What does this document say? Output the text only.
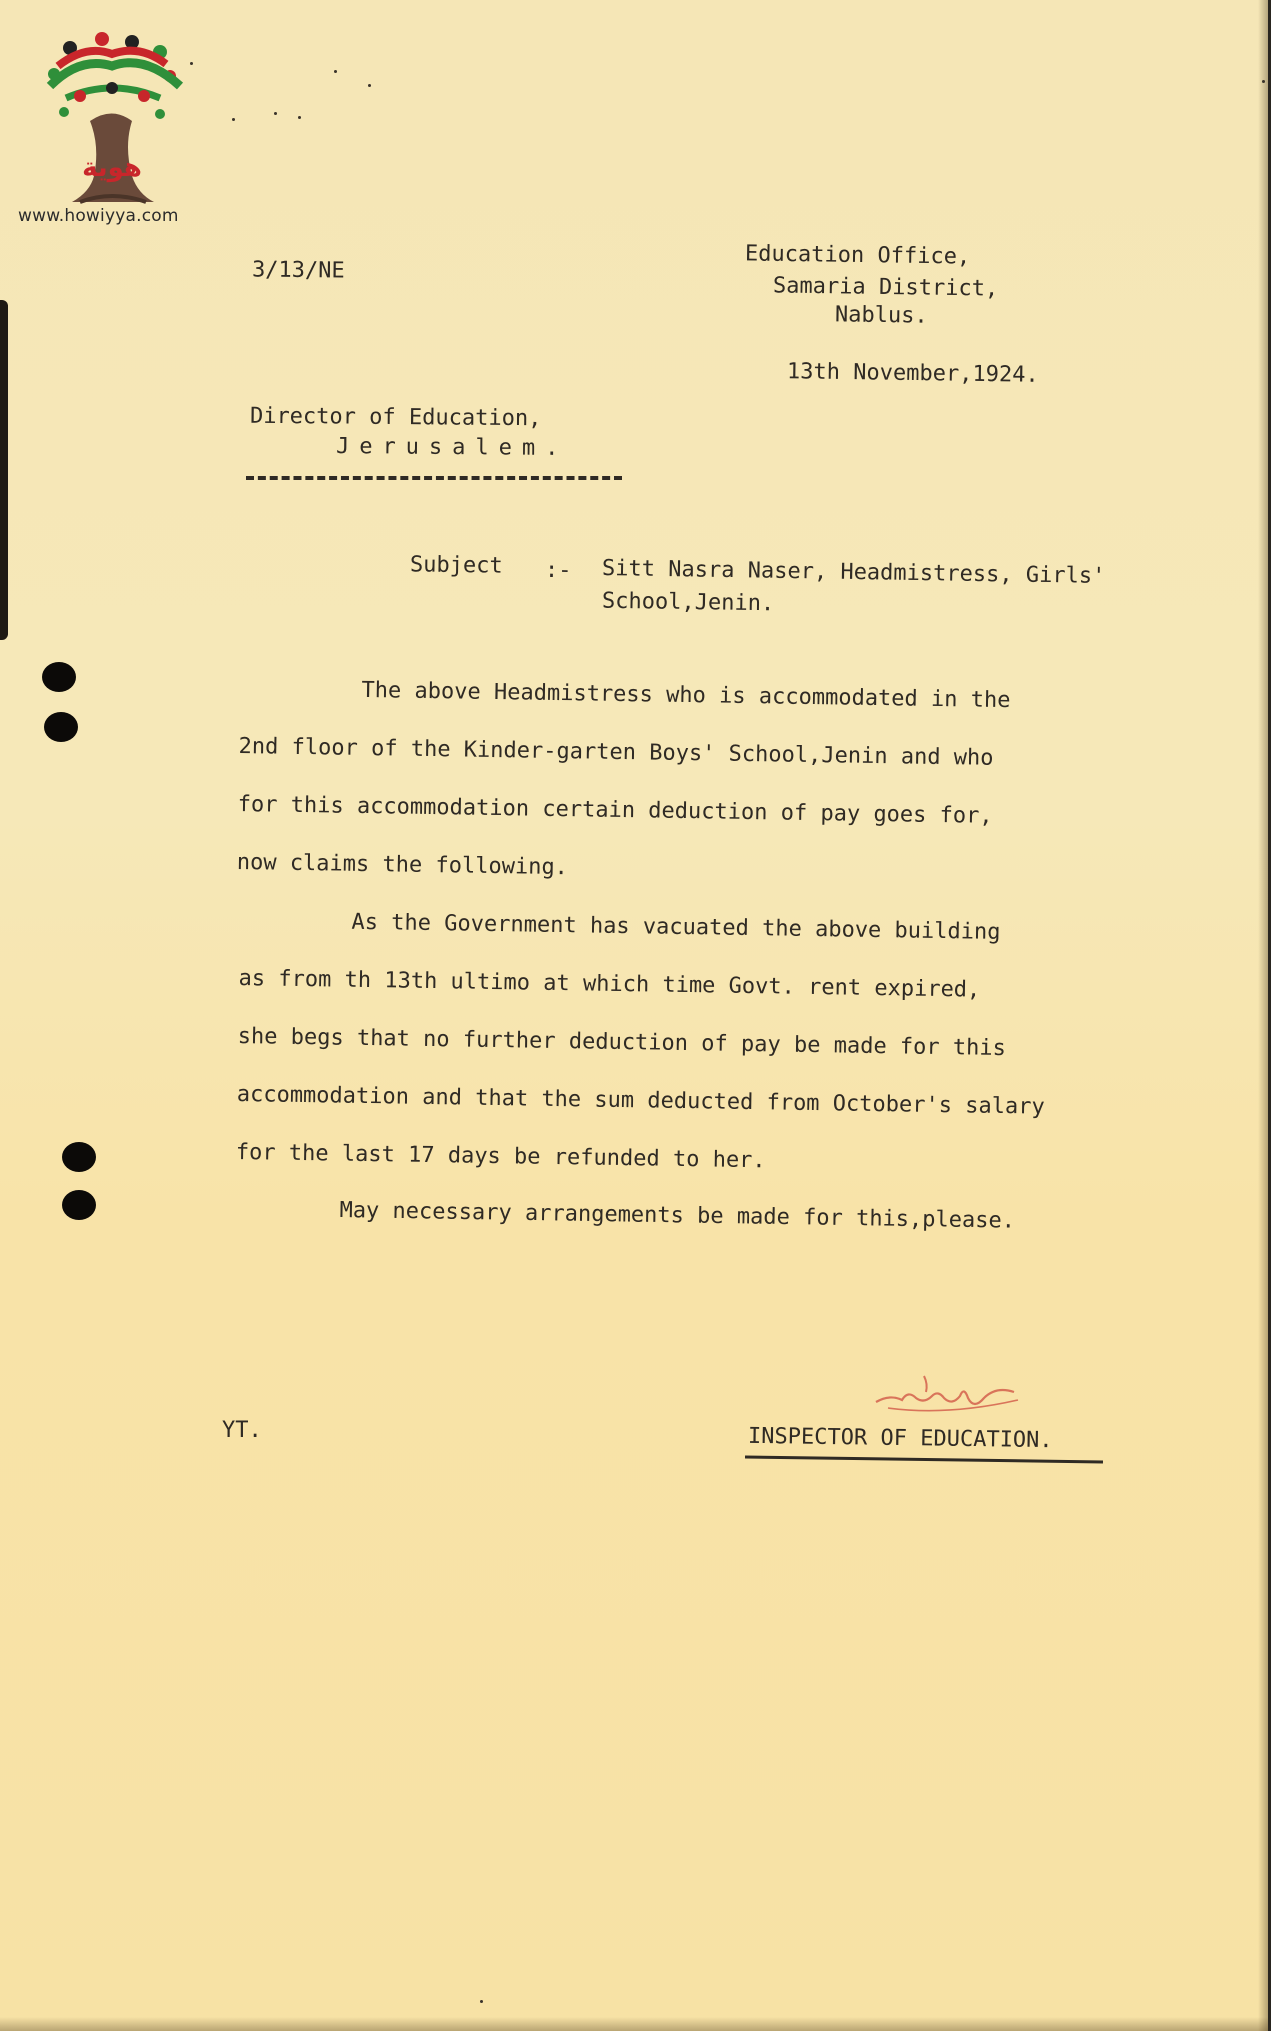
هوية
www.howiyya.com
3/13/NE
Education Office,
Samaria District,
Nablus.
13th November,1924.
Director of Education,
Jerusalem.
Subject :- Sitt Nasra Naser, Headmistress, Girls'
School,Jenin.
The above Headmistress who is accommodated in the
2nd floor of the Kinder-garten Boys' School,Jenin and who
for this accommodation certain deduction of pay goes for,
now claims the following.
As the Government has vacuated the above building
as from th 13th ultimo at which time Govt. rent expired,
she begs that no further deduction of pay be made for this
accommodation and that the sum deducted from October's salary
for the last 17 days be refunded to her.
May necessary arrangements be made for this,please.
YT.	INSPECTOR OF EDUCATION.
